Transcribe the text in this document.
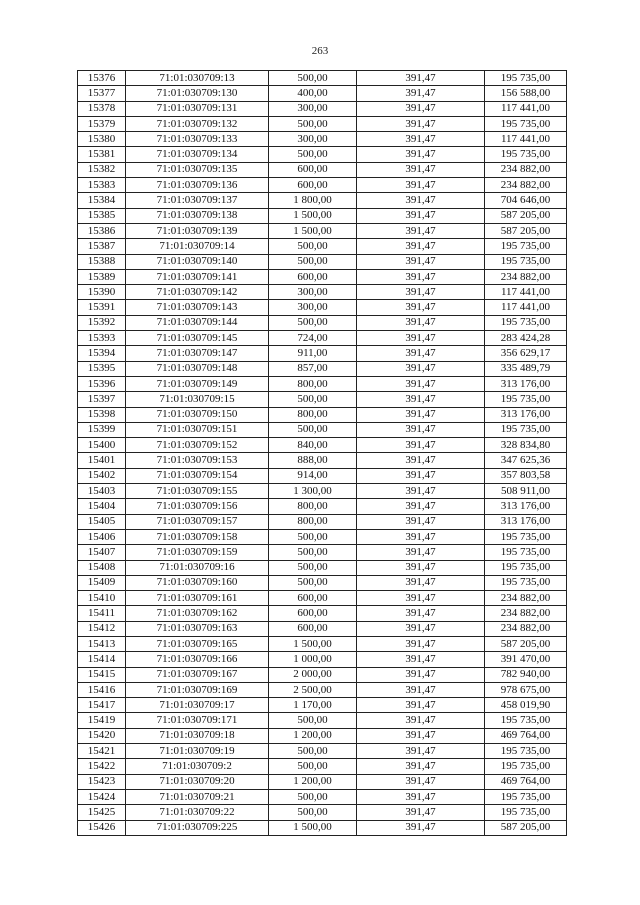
263
15376	71:01:030709:13	500,00	391,47	195 735,00
15377	71:01:030709:130	400,00	391,47	156 588,00
15378	71:01:030709:131	300,00	391,47	117 441,00
15379	71:01:030709:132	500,00	391,47	195 735,00
15380	71:01:030709:133	300,00	391,47	117 441,00
15381	71:01:030709:134	500,00	391,47	195 735,00
15382	71:01:030709:135	600,00	391,47	234 882,00
15383	71:01:030709:136	600,00	391,47	234 882,00
15384	71:01:030709:137	1 800,00	391,47	704 646,00
15385	71:01:030709:138	1 500,00	391,47	587 205,00
15386	71:01:030709:139	1 500,00	391,47	587 205,00
15387	71:01:030709:14	500,00	391,47	195 735,00
15388	71:01:030709:140	500,00	391,47	195 735,00
15389	71:01:030709:141	600,00	391,47	234 882,00
15390	71:01:030709:142	300,00	391,47	117 441,00
15391	71:01:030709:143	300,00	391,47	117 441,00
15392	71:01:030709:144	500,00	391,47	195 735,00
15393	71:01:030709:145	724,00	391,47	283 424,28
15394	71:01:030709:147	911,00	391,47	356 629,17
15395	71:01:030709:148	857,00	391,47	335 489,79
15396	71:01:030709:149	800,00	391,47	313 176,00
15397	71:01:030709:15	500,00	391,47	195 735,00
15398	71:01:030709:150	800,00	391,47	313 176,00
15399	71:01:030709:151	500,00	391,47	195 735,00
15400	71:01:030709:152	840,00	391,47	328 834,80
15401	71:01:030709:153	888,00	391,47	347 625,36
15402	71:01:030709:154	914,00	391,47	357 803,58
15403	71:01:030709:155	1 300,00	391,47	508 911,00
15404	71:01:030709:156	800,00	391,47	313 176,00
15405	71:01:030709:157	800,00	391,47	313 176,00
15406	71:01:030709:158	500,00	391,47	195 735,00
15407	71:01:030709:159	500,00	391,47	195 735,00
15408	71:01:030709:16	500,00	391,47	195 735,00
15409	71:01:030709:160	500,00	391,47	195 735,00
15410	71:01:030709:161	600,00	391,47	234 882,00
15411	71:01:030709:162	600,00	391,47	234 882,00
15412	71:01:030709:163	600,00	391,47	234 882,00
15413	71:01:030709:165	1 500,00	391,47	587 205,00
15414	71:01:030709:166	1 000,00	391,47	391 470,00
15415	71:01:030709:167	2 000,00	391,47	782 940,00
15416	71:01:030709:169	2 500,00	391,47	978 675,00
15417	71:01:030709:17	1 170,00	391,47	458 019,90
15419	71:01:030709:171	500,00	391,47	195 735,00
15420	71:01:030709:18	1 200,00	391,47	469 764,00
15421	71:01:030709:19	500,00	391,47	195 735,00
15422	71:01:030709:2	500,00	391,47	195 735,00
15423	71:01:030709:20	1 200,00	391,47	469 764,00
15424	71:01:030709:21	500,00	391,47	195 735,00
15425	71:01:030709:22	500,00	391,47	195 735,00
15426	71:01:030709:225	1 500,00	391,47	587 205,00
